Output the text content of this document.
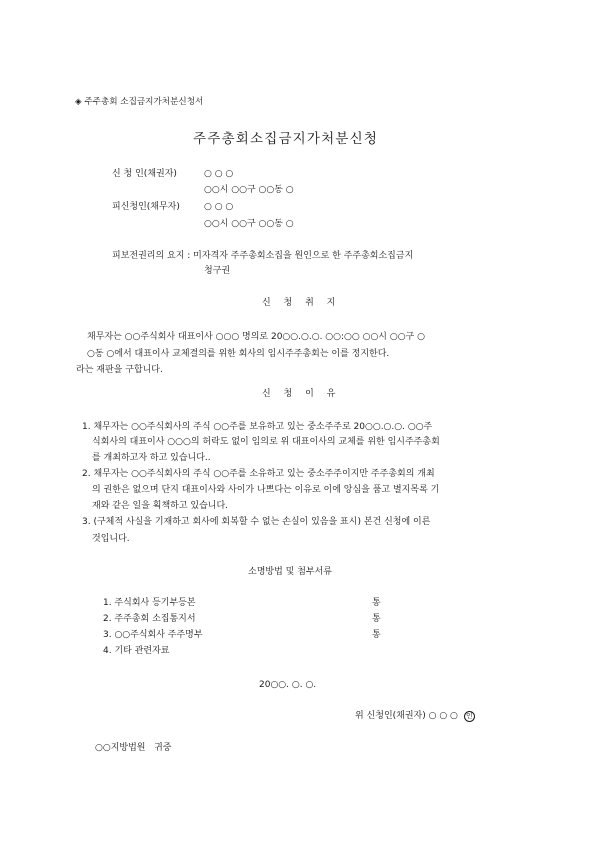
◈ 주주총회 소집금지가처분신청서
주주총회소집금지가처분신청
신 청 인(채권자)	○ ○ ○
○○시 ○○구 ○○동 ○
피신청인(채무자)	○ ○ ○
○○시 ○○구 ○○동 ○
피보전권리의 요지 : 미자격자 주주총회소집을 원인으로 한 주주총회소집금지
청구권
신 청 취 지
채무자는 ○○주식회사 대표이사 ○○○ 명의로 20○○.○.○. ○○:○○ ○○시 ○○구 ○
○동 ○에서 대표이사 교체결의를 위한 회사의 임시주주총회는 이를 정지한다.
라는 재판을 구합니다.
신 청 이 유
1. 채무자는 ○○주식회사의 주식 ○○주를 보유하고 있는 중소주주로 20○○.○.○. ○○주
식회사의 대표이사 ○○○의 허락도 없이 임의로 위 대표이사의 교체를 위한 임시주주총회
를 개최하고자 하고 있습니다..
2. 채무자는 ○○주식회사의 주식 ○○주를 소유하고 있는 중소주주이지만 주주총회의 개최
의 권한은 없으며 단지 대표이사와 사이가 나쁘다는 이유로 이에 앙심을 품고 별지목록 기
재와 같은 일을 획책하고 있습니다.
3. (구체적 사실을 기재하고 회사에 회복할 수 없는 손실이 있음을 표시) 본건 신청에 이른
것입니다.
소명방법 및 첨부서류
1. 주식회사 등기부등본	통
2. 주주총회 소집통지서	통
3. ○○주식회사 주주명부	통
4. 기타 관련자료
20○○. ○. ○.
위 신청인(채권자) ○ ○ ○ 인
○○지방법원   귀중
